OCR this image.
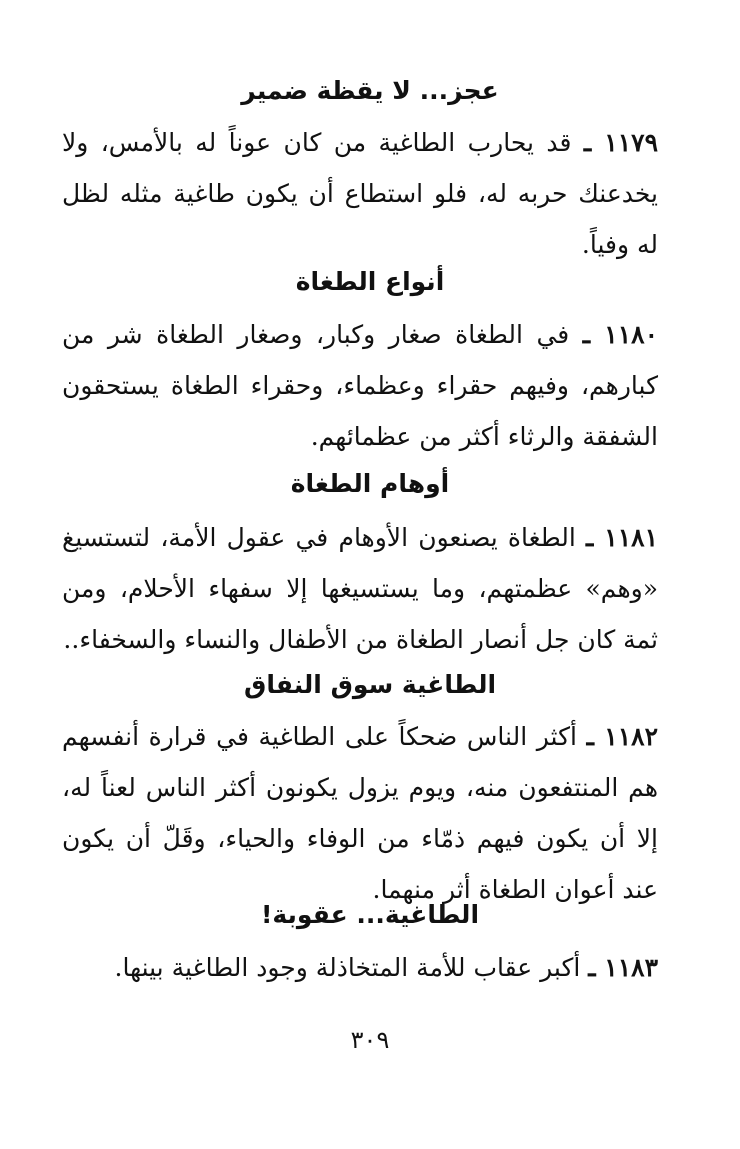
عجز... لا يقظة ضمير
١١٧٩ ـ قد يحارب الطاغية من كان عوناً له بالأمس، ولا يخدعنك حربه له، فلو استطاع أن يكون طاغية مثله لظل له وفياً.
أنواع الطغاة
١١٨٠ ـ في الطغاة صغار وكبار، وصغار الطغاة شر من كبارهم، وفيهم حقراء وعظماء، وحقراء الطغاة يستحقون الشفقة والرثاء أكثر من عظمائهم.
أوهام الطغاة
١١٨١ ـ الطغاة يصنعون الأوهام في عقول الأمة، لتستسيغ «وهم» عظمتهم، وما يستسيغها إلا سفهاء الأحلام، ومن ثمة كان جل أنصار الطغاة من الأطفال والنساء والسخفاء..
الطاغية سوق النفاق
١١٨٢ ـ أكثر الناس ضحكاً على الطاغية في قرارة أنفسهم هم المنتفعون منه، ويوم يزول يكونون أكثر الناس لعناً له، إلا أن يكون فيهم ذمّاء من الوفاء والحياء، وقَلّ أن يكون عند أعوان الطغاة أثر منهما.
الطاغية... عقوبة!
١١٨٣ ـ أكبر عقاب للأمة المتخاذلة وجود الطاغية بينها.
٣٠٩
